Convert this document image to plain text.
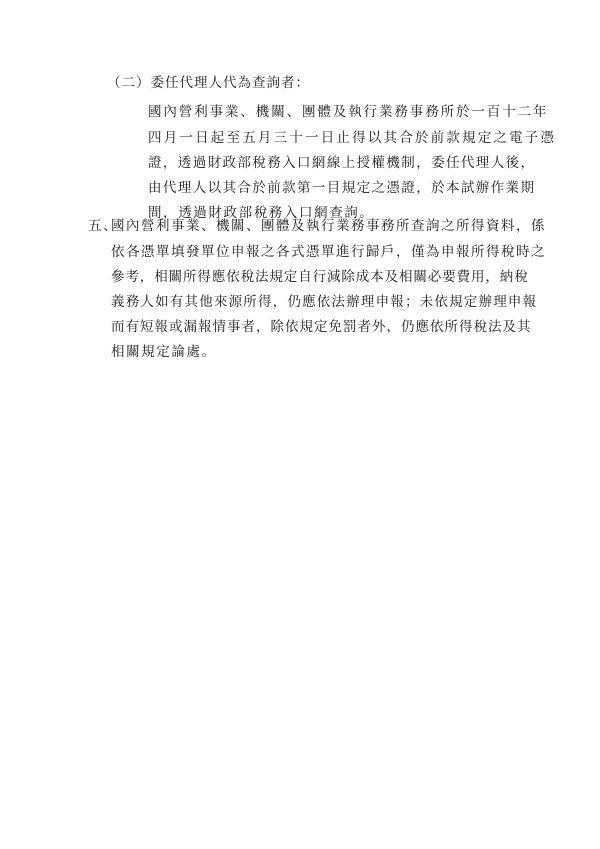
（二）委任代理人代為查詢者：
國內營利事業、機關、團體及執行業務事務所於一百十二年
四月一日起至五月三十一日止得以其合於前款規定之電子憑
證，透過財政部稅務入口網線上授權機制，委任代理人後，
由代理人以其合於前款第一目規定之憑證，於本試辦作業期
間，透過財政部稅務入口網查詢。
五、
國內營利事業、機關、團體及執行業務事務所查詢之所得資料，係
依各憑單填發單位申報之各式憑單進行歸戶，僅為申報所得稅時之
參考，相關所得應依稅法規定自行減除成本及相關必要費用，納稅
義務人如有其他來源所得，仍應依法辦理申報；未依規定辦理申報
而有短報或漏報情事者，除依規定免罰者外，仍應依所得稅法及其
相關規定論處。
